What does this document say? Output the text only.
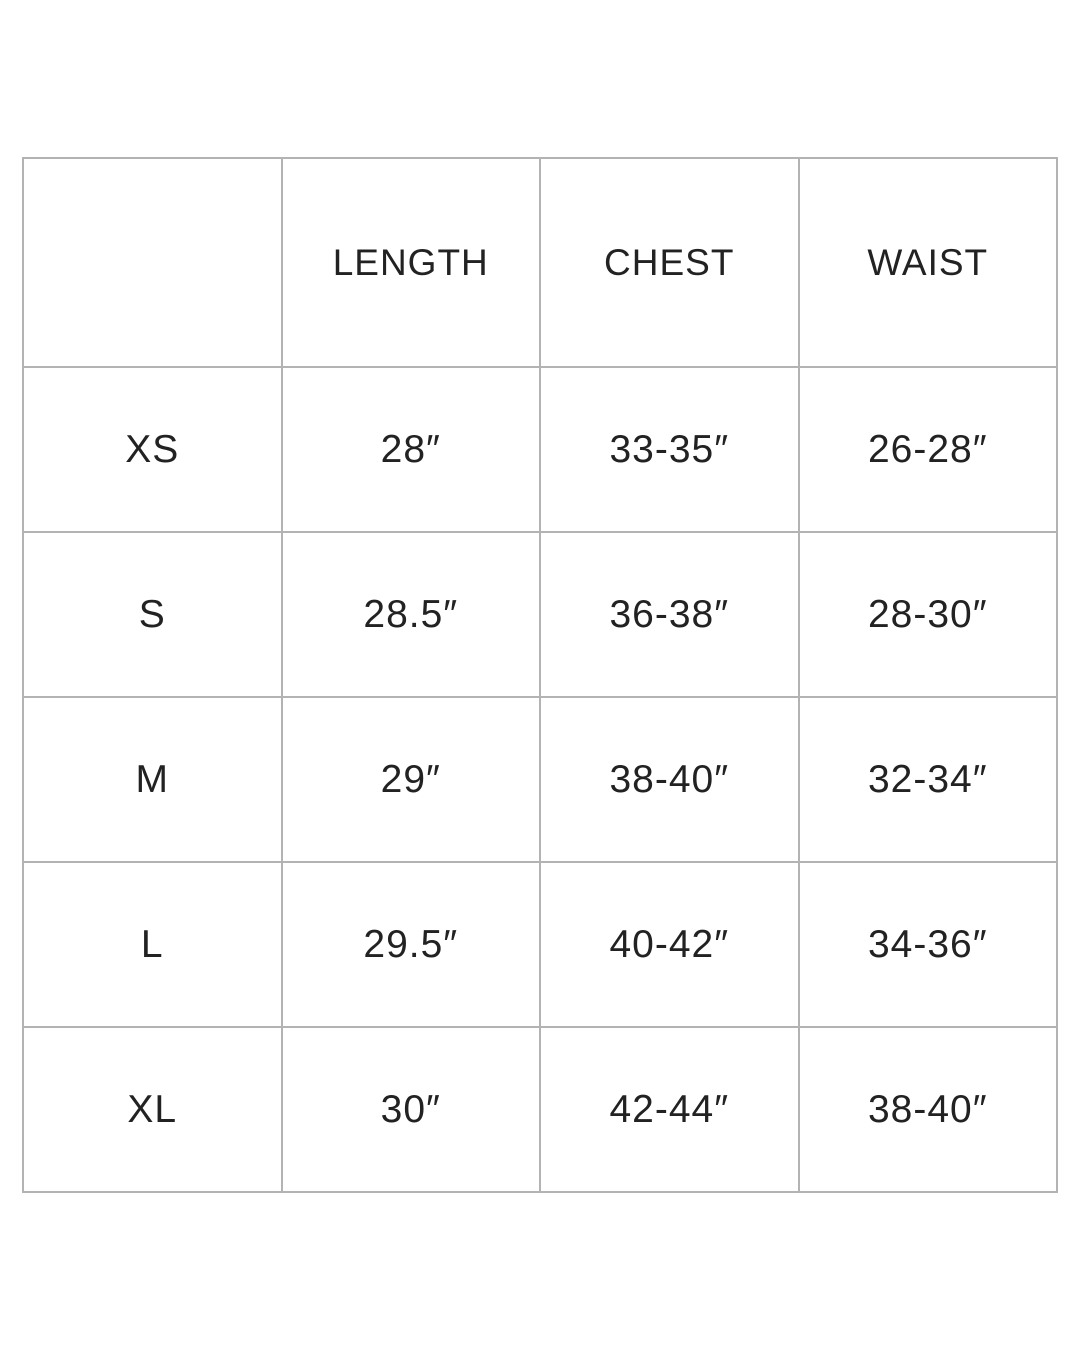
	LENGTH	CHEST	WAIST
XS	28″	33-35″	26-28″
S	28.5″	36-38″	28-30″
M	29″	38-40″	32-34″
L	29.5″	40-42″	34-36″
XL	30″	42-44″	38-40″
